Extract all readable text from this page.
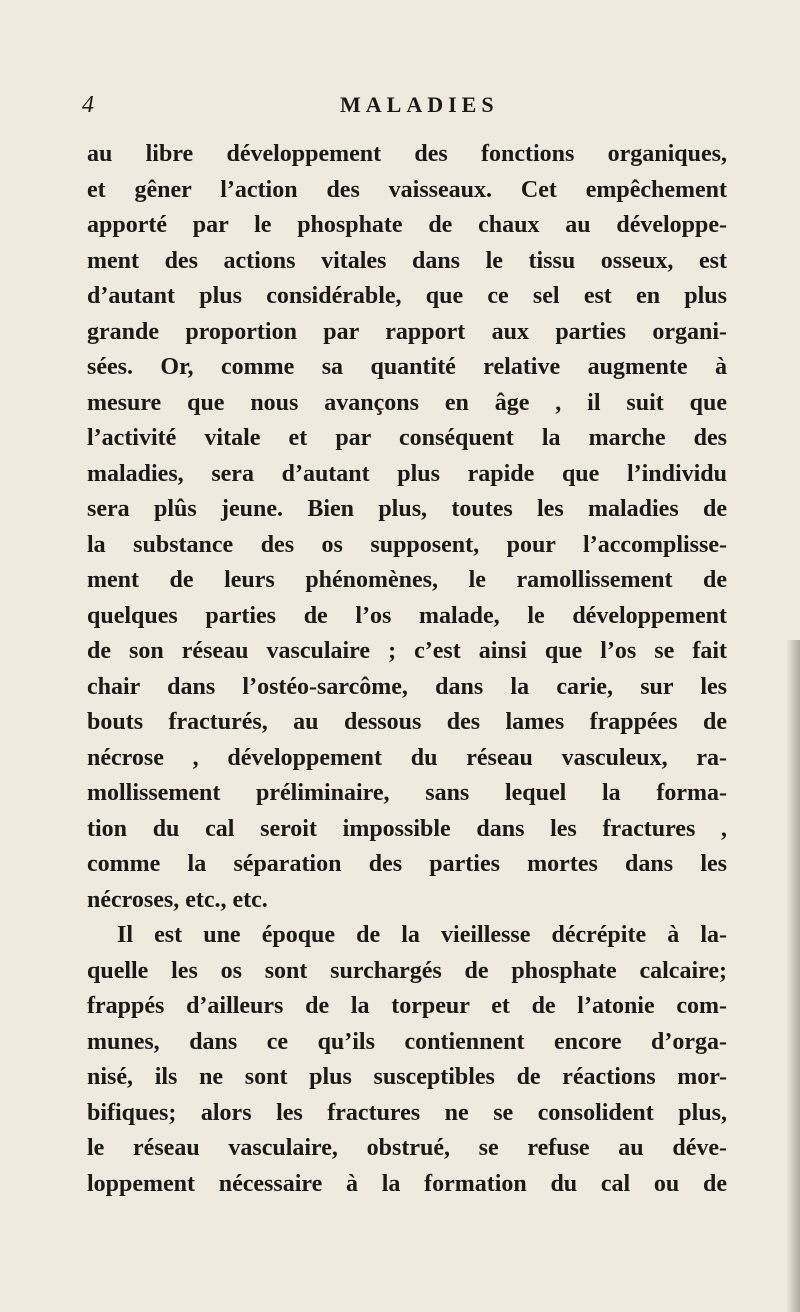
4	MALADIES
au libre développement des fonctions organiques,
et gêner l’action des vaisseaux. Cet empêchement
apporté par le phosphate de chaux au développe-
ment des actions vitales dans le tissu osseux, est
d’autant plus considérable, que ce sel est en plus
grande proportion par rapport aux parties organi-
sées. Or, comme sa quantité relative augmente à
mesure que nous avançons en âge , il suit que
l’activité vitale et par conséquent la marche des
maladies, sera d’autant plus rapide que l’individu
sera plûs jeune. Bien plus, toutes les maladies de
la substance des os supposent, pour l’accomplisse-
ment de leurs phénomènes, le ramollissement de
quelques parties de l’os malade, le développement
de son réseau vasculaire ; c’est ainsi que l’os se fait
chair dans l’ostéo-sarcôme, dans la carie, sur les
bouts fracturés, au dessous des lames frappées de
nécrose , développement du réseau vasculeux, ra-
mollissement préliminaire, sans lequel la forma-
tion du cal seroit impossible dans les fractures ,
comme la séparation des parties mortes dans les
nécroses, etc., etc.
Il est une époque de la vieillesse décrépite à la-
quelle les os sont surchargés de phosphate calcaire;
frappés d’ailleurs de la torpeur et de l’atonie com-
munes, dans ce qu’ils contiennent encore d’orga-
nisé, ils ne sont plus susceptibles de réactions mor-
bifiques; alors les fractures ne se consolident plus,
le réseau vasculaire, obstrué, se refuse au déve-
loppement nécessaire à la formation du cal ou de
